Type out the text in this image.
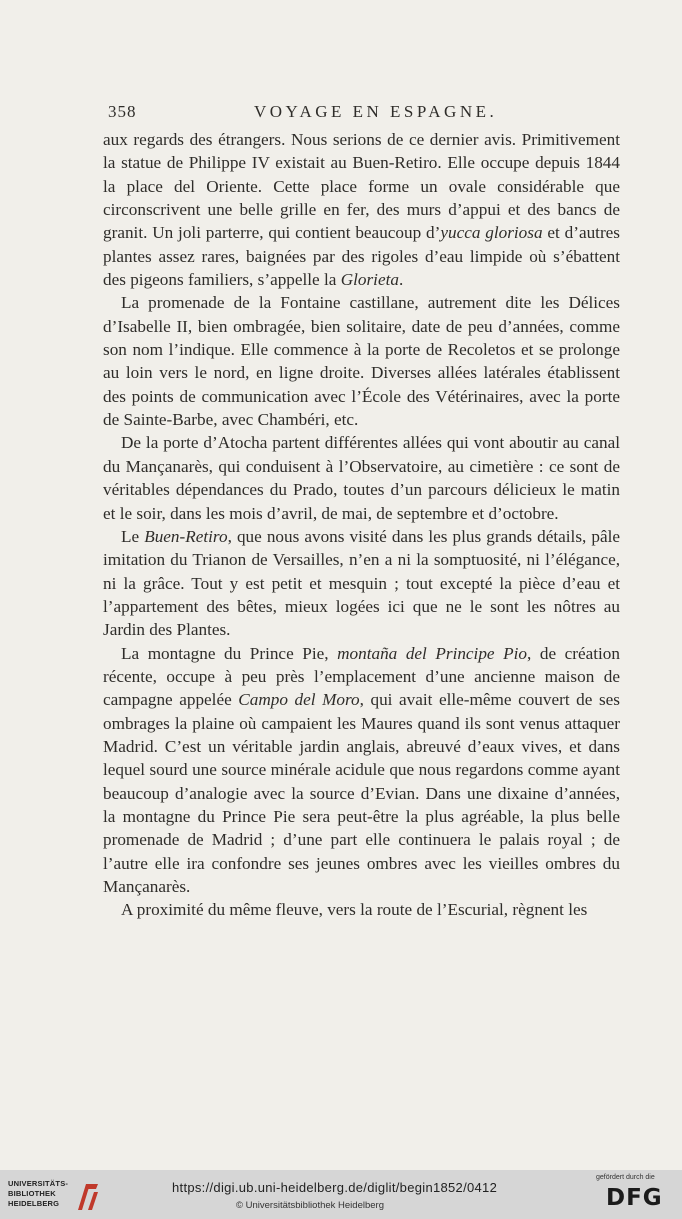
358	VOYAGE EN ESPAGNE.

aux regards des étrangers. Nous serions de ce dernier avis. Primitivement la statue de Philippe IV existait au Buen-Retiro. Elle occupe depuis 1844 la place del Oriente. Cette place forme un ovale considérable que circonscrivent une belle grille en fer, des murs d’appui et des bancs de granit. Un joli parterre, qui contient beaucoup d’yucca gloriosa et d’autres plantes assez rares, baignées par des rigoles d’eau limpide où s’ébattent des pigeons familiers, s’appelle la Glorieta.

La promenade de la Fontaine castillane, autrement dite les Délices d’Isabelle II, bien ombragée, bien solitaire, date de peu d’années, comme son nom l’indique. Elle commence à la porte de Recoletos et se prolonge au loin vers le nord, en ligne droite. Diverses allées latérales établissent des points de communication avec l’École des Vétérinaires, avec la porte de Sainte-Barbe, avec Chambéri, etc.

De la porte d’Atocha partent différentes allées qui vont aboutir au canal du Mançanarès, qui conduisent à l’Observatoire, au cimetière : ce sont de véritables dépendances du Prado, toutes d’un parcours délicieux le matin et le soir, dans les mois d’avril, de mai, de septembre et d’octobre.

Le Buen-Retiro, que nous avons visité dans les plus grands détails, pâle imitation du Trianon de Versailles, n’en a ni la somptuosité, ni l’élégance, ni la grâce. Tout y est petit et mesquin ; tout excepté la pièce d’eau et l’appartement des bêtes, mieux logées ici que ne le sont les nôtres au Jardin des Plantes.

La montagne du Prince Pie, montaña del Principe Pio, de création récente, occupe à peu près l’emplacement d’une ancienne maison de campagne appelée Campo del Moro, qui avait elle-même couvert de ses ombrages la plaine où campaient les Maures quand ils sont venus attaquer Madrid. C’est un véritable jardin anglais, abreuvé d’eaux vives, et dans lequel sourd une source minérale acidule que nous regardons comme ayant beaucoup d’analogie avec la source d’Evian. Dans une dixaine d’années, la montagne du Prince Pie sera peut-être la plus agréable, la plus belle promenade de Madrid ; d’une part elle continuera le palais royal ; de l’autre elle ira confondre ses jeunes ombres avec les vieilles ombres du Mançanarès.

A proximité du même fleuve, vers la route de l’Escurial, règnent les

UNIVERSITÄTS-
BIBLIOTHEK
HEIDELBERG
https://digi.ub.uni-heidelberg.de/diglit/begin1852/0412
© Universitätsbibliothek Heidelberg
gefördert durch die
DFG
